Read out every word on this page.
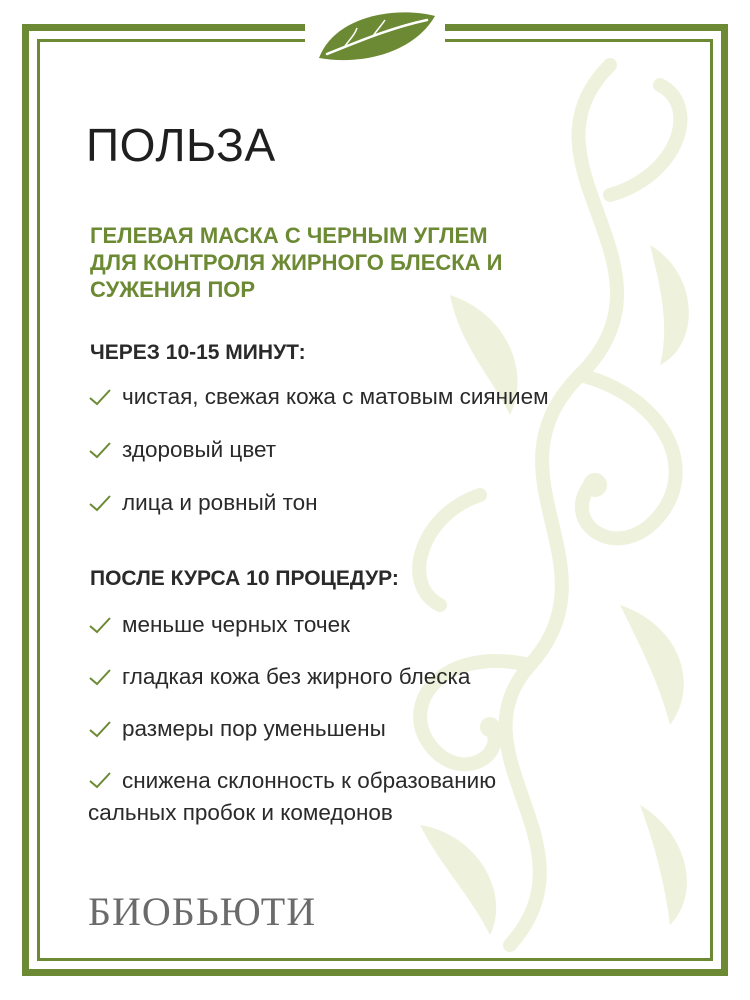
ПОЛЬЗА
ГЕЛЕВАЯ МАСКА С ЧЕРНЫМ УГЛЕМ
ДЛЯ КОНТРОЛЯ ЖИРНОГО БЛЕСКА И
СУЖЕНИЯ ПОР
ЧЕРЕЗ 10-15 МИНУТ:
чистая, свежая кожа с матовым сиянием
здоровый цвет
лица и ровный тон
ПОСЛЕ КУРСА 10 ПРОЦЕДУР:
меньше черных точек
гладкая кожа без жирного блеска
размеры пор уменьшены
снижена склонность к образованию
сальных пробок и комедонов

БИОБЬЮТИ
